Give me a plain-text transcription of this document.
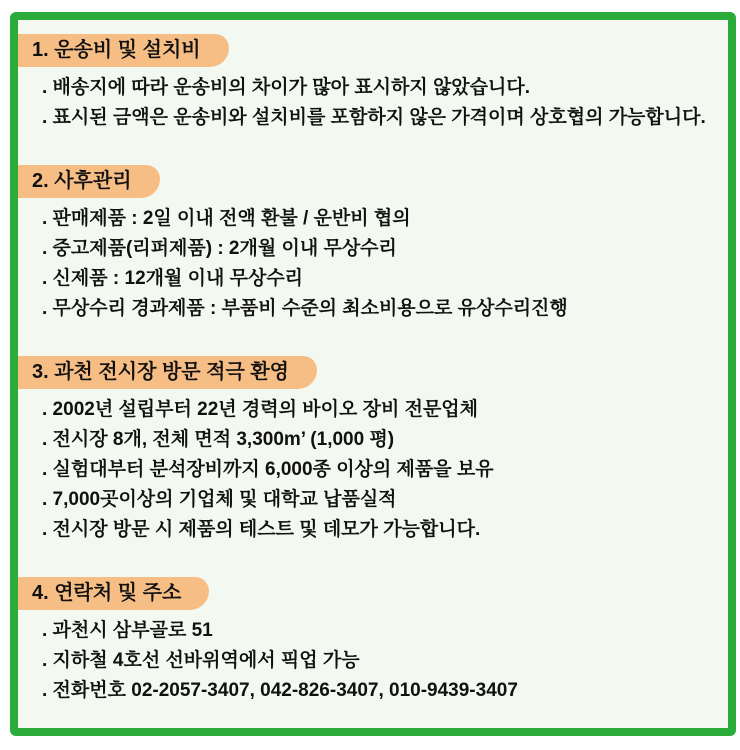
1. 운송비 및 설치비
. 배송지에 따라 운송비의 차이가 많아 표시하지 않았습니다.
. 표시된 금액은 운송비와 설치비를 포함하지 않은 가격이며 상호협의 가능합니다.
2. 사후관리
. 판매제품 : 2일 이내 전액 환불 / 운반비 협의
. 중고제품(리퍼제품) : 2개월 이내 무상수리
. 신제품 : 12개월 이내 무상수리
. 무상수리 경과제품 : 부품비 수준의 최소비용으로 유상수리진행
3. 과천 전시장 방문 적극 환영
. 2002년 설립부터 22년 경력의 바이오 장비 전문업체
. 전시장 8개, 전체 면적 3,300m’ (1,000 평)
. 실험대부터 분석장비까지 6,000종 이상의 제품을 보유
. 7,000곳이상의 기업체 및 대학교 납품실적
. 전시장 방문 시 제품의 테스트 및 데모가 가능합니다.
4. 연락처 및 주소
. 과천시 삼부골로 51
. 지하철 4호선 선바위역에서 픽업 가능
. 전화번호 02-2057-3407, 042-826-3407, 010-9439-3407
